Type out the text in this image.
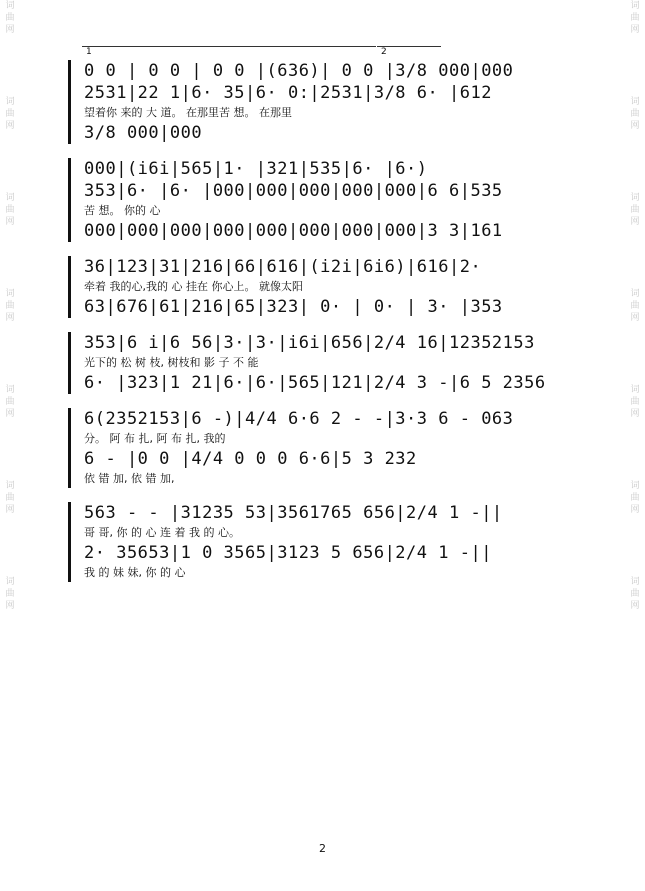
词
曲
网
词
曲
网
词
曲
网
词
曲
网
词
曲
网
词
曲
网
词
曲
网
词
曲
网
词
曲
网
词
曲
网
词
曲
网
词
曲
网
词
曲
网
词
曲
网
1	2
0 0 | 0 0 | 0 0 |(636)| 0 0 |3/8 000|000
2531|22 1|6· 35|6· 0:|2531|3/8 6· |612
望着你 来的 大 道。 在那里苦 想。 在那里
3/8 000|000
000|(i6i|565|1· |321|535|6· |6·)
353|6· |6· |000|000|000|000|000|6 6|535
苦 想。 你的 心
000|000|000|000|000|000|000|000|3 3|161
36|123|31|216|66|616|(i2i|6i6)|616|2·
牵着 我的心,我的 心 挂在 你心上。 就像太阳
63|676|61|216|65|323| 0· | 0· | 3· |353
353|6 i|6 56|3·|3·|i6i|656|2/4 16|12352153
光下的 松 树 枝, 树枝和 影 子 不 能
6· |323|1 21|6·|6·|565|121|2/4 3 -|6 5 2356
6(2352153|6 -)|4/4 6·6 2 - -|3·3 6 - 063
分。 阿 布 扎, 阿 布 扎, 我的
6 - |0 0 |4/4 0 0 0 6·6|5 3 232
依 错 加, 依 错 加,
563 - - |31235 53|3561765 656|2/4 1 -||
哥 哥, 你 的 心 连 着 我 的 心。
2· 35653|1 0 3565|3123 5 656|2/4 1 -||
我 的 妹 妹, 你 的 心
2
